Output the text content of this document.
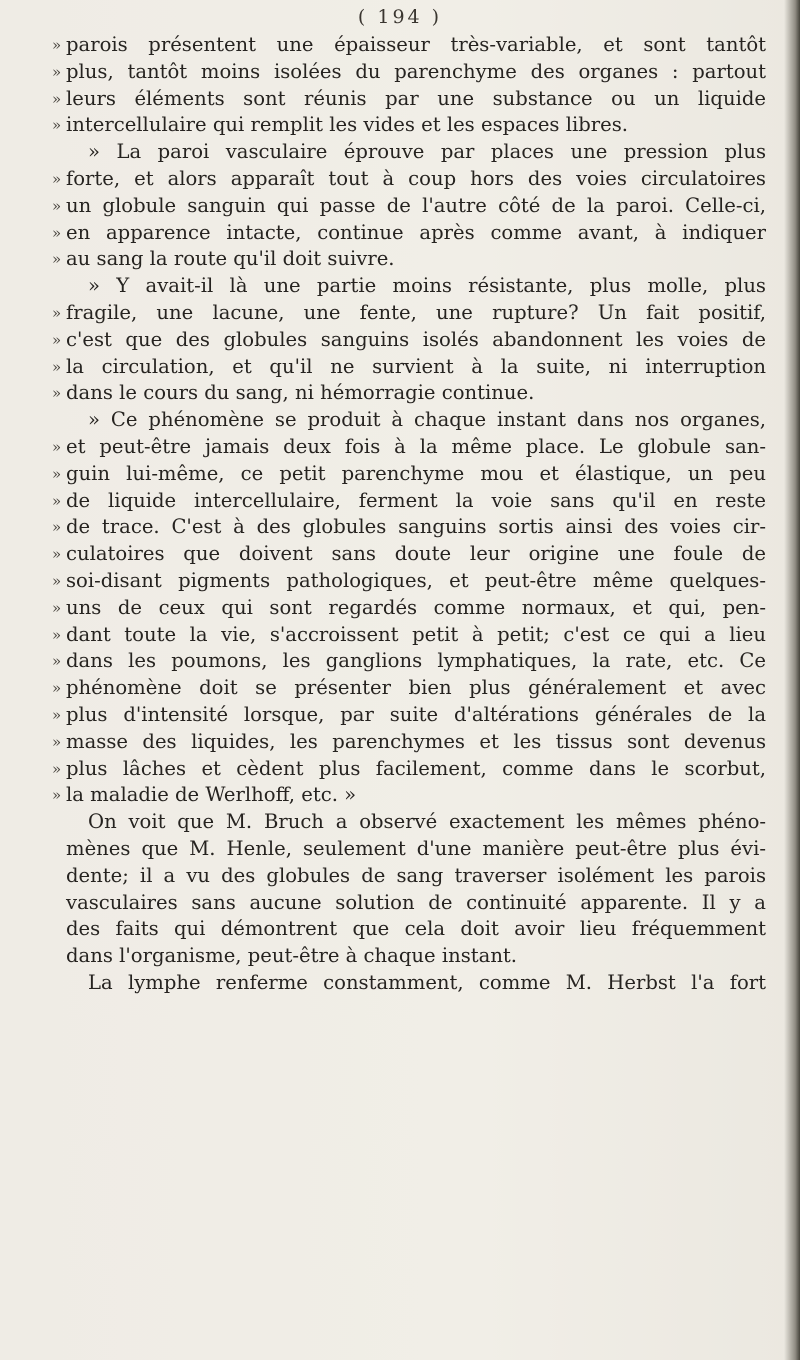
( 194 )
» parois présentent une épaisseur très-variable, et sont tantôt
» plus, tantôt moins isolées du parenchyme des organes : partout
» leurs éléments sont réunis par une substance ou un liquide
» intercellulaire qui remplit les vides et les espaces libres.
» La paroi vasculaire éprouve par places une pression plus
» forte, et alors apparaît tout à coup hors des voies circulatoires
» un globule sanguin qui passe de l'autre côté de la paroi. Celle-ci,
» en apparence intacte, continue après comme avant, à indiquer
» au sang la route qu'il doit suivre.
» Y avait-il là une partie moins résistante, plus molle, plus
» fragile, une lacune, une fente, une rupture? Un fait positif,
» c'est que des globules sanguins isolés abandonnent les voies de
» la circulation, et qu'il ne survient à la suite, ni interruption
» dans le cours du sang, ni hémorragie continue.
» Ce phénomène se produit à chaque instant dans nos organes,
» et peut-être jamais deux fois à la même place. Le globule san-
» guin lui-même, ce petit parenchyme mou et élastique, un peu
» de liquide intercellulaire, ferment la voie sans qu'il en reste
» de trace. C'est à des globules sanguins sortis ainsi des voies cir-
» culatoires que doivent sans doute leur origine une foule de
» soi-disant pigments pathologiques, et peut-être même quelques-
» uns de ceux qui sont regardés comme normaux, et qui, pen-
» dant toute la vie, s'accroissent petit à petit; c'est ce qui a lieu
» dans les poumons, les ganglions lymphatiques, la rate, etc. Ce
» phénomène doit se présenter bien plus généralement et avec
» plus d'intensité lorsque, par suite d'altérations générales de la
» masse des liquides, les parenchymes et les tissus sont devenus
» plus lâches et cèdent plus facilement, comme dans le scorbut,
» la maladie de Werlhoff, etc. »
On voit que M. Bruch a observé exactement les mêmes phéno-
mènes que M. Henle, seulement d'une manière peut-être plus évi-
dente; il a vu des globules de sang traverser isolément les parois
vasculaires sans aucune solution de continuité apparente. Il y a
des faits qui démontrent que cela doit avoir lieu fréquemment
dans l'organisme, peut-être à chaque instant.
La lymphe renferme constamment, comme M. Herbst l'a fort
